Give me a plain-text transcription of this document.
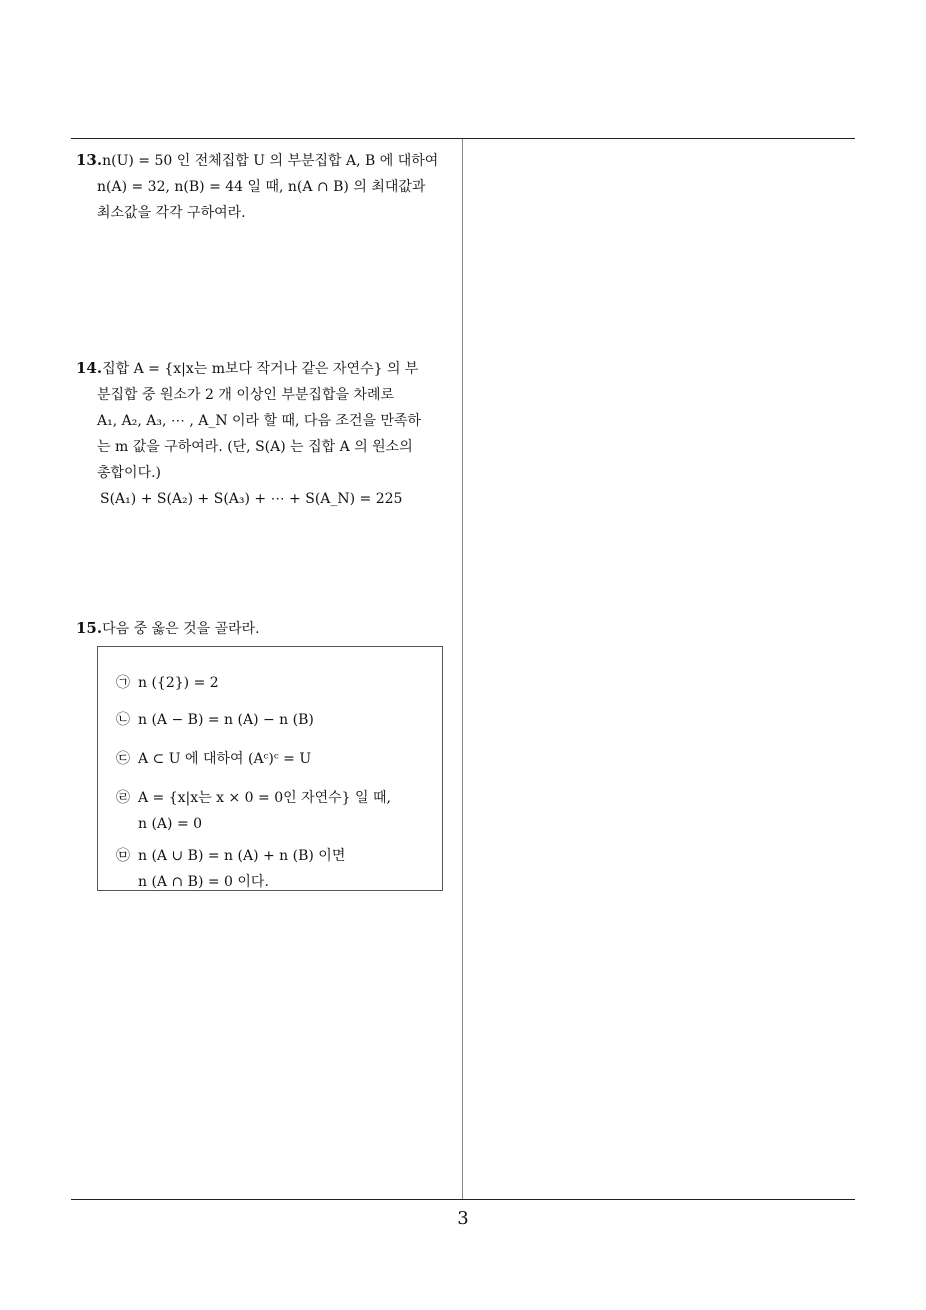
13.n(U) = 50 인 전체집합 U 의 부분집합 A, B 에 대하여
n(A) = 32, n(B) = 44 일 때, n(A ∩ B) 의 최대값과
최소값을 각각 구하여라.
14.집합 A = {x|x는 m보다 작거나 같은 자연수} 의 부
분집합 중 원소가 2 개 이상인 부분집합을 차례로
A₁, A₂, A₃, ⋯ , A_N 이라 할 때, 다음 조건을 만족하
는 m 값을 구하여라. (단, S(A) 는 집합 A 의 원소의
총합이다.)
S(A₁) + S(A₂) + S(A₃) + ⋯ + S(A_N) = 225
15.다음 중 옳은 것을 골라라.
㉠ n ({2}) = 2
㉡ n (A − B) = n (A) − n (B)
㉢ A ⊂ U 에 대하여 (Aᶜ)ᶜ = U
㉣ A = {x|x는 x × 0 = 0인 자연수} 일 때,
n (A) = 0
㉤ n (A ∪ B) = n (A) + n (B) 이면
n (A ∩ B) = 0 이다.
3
